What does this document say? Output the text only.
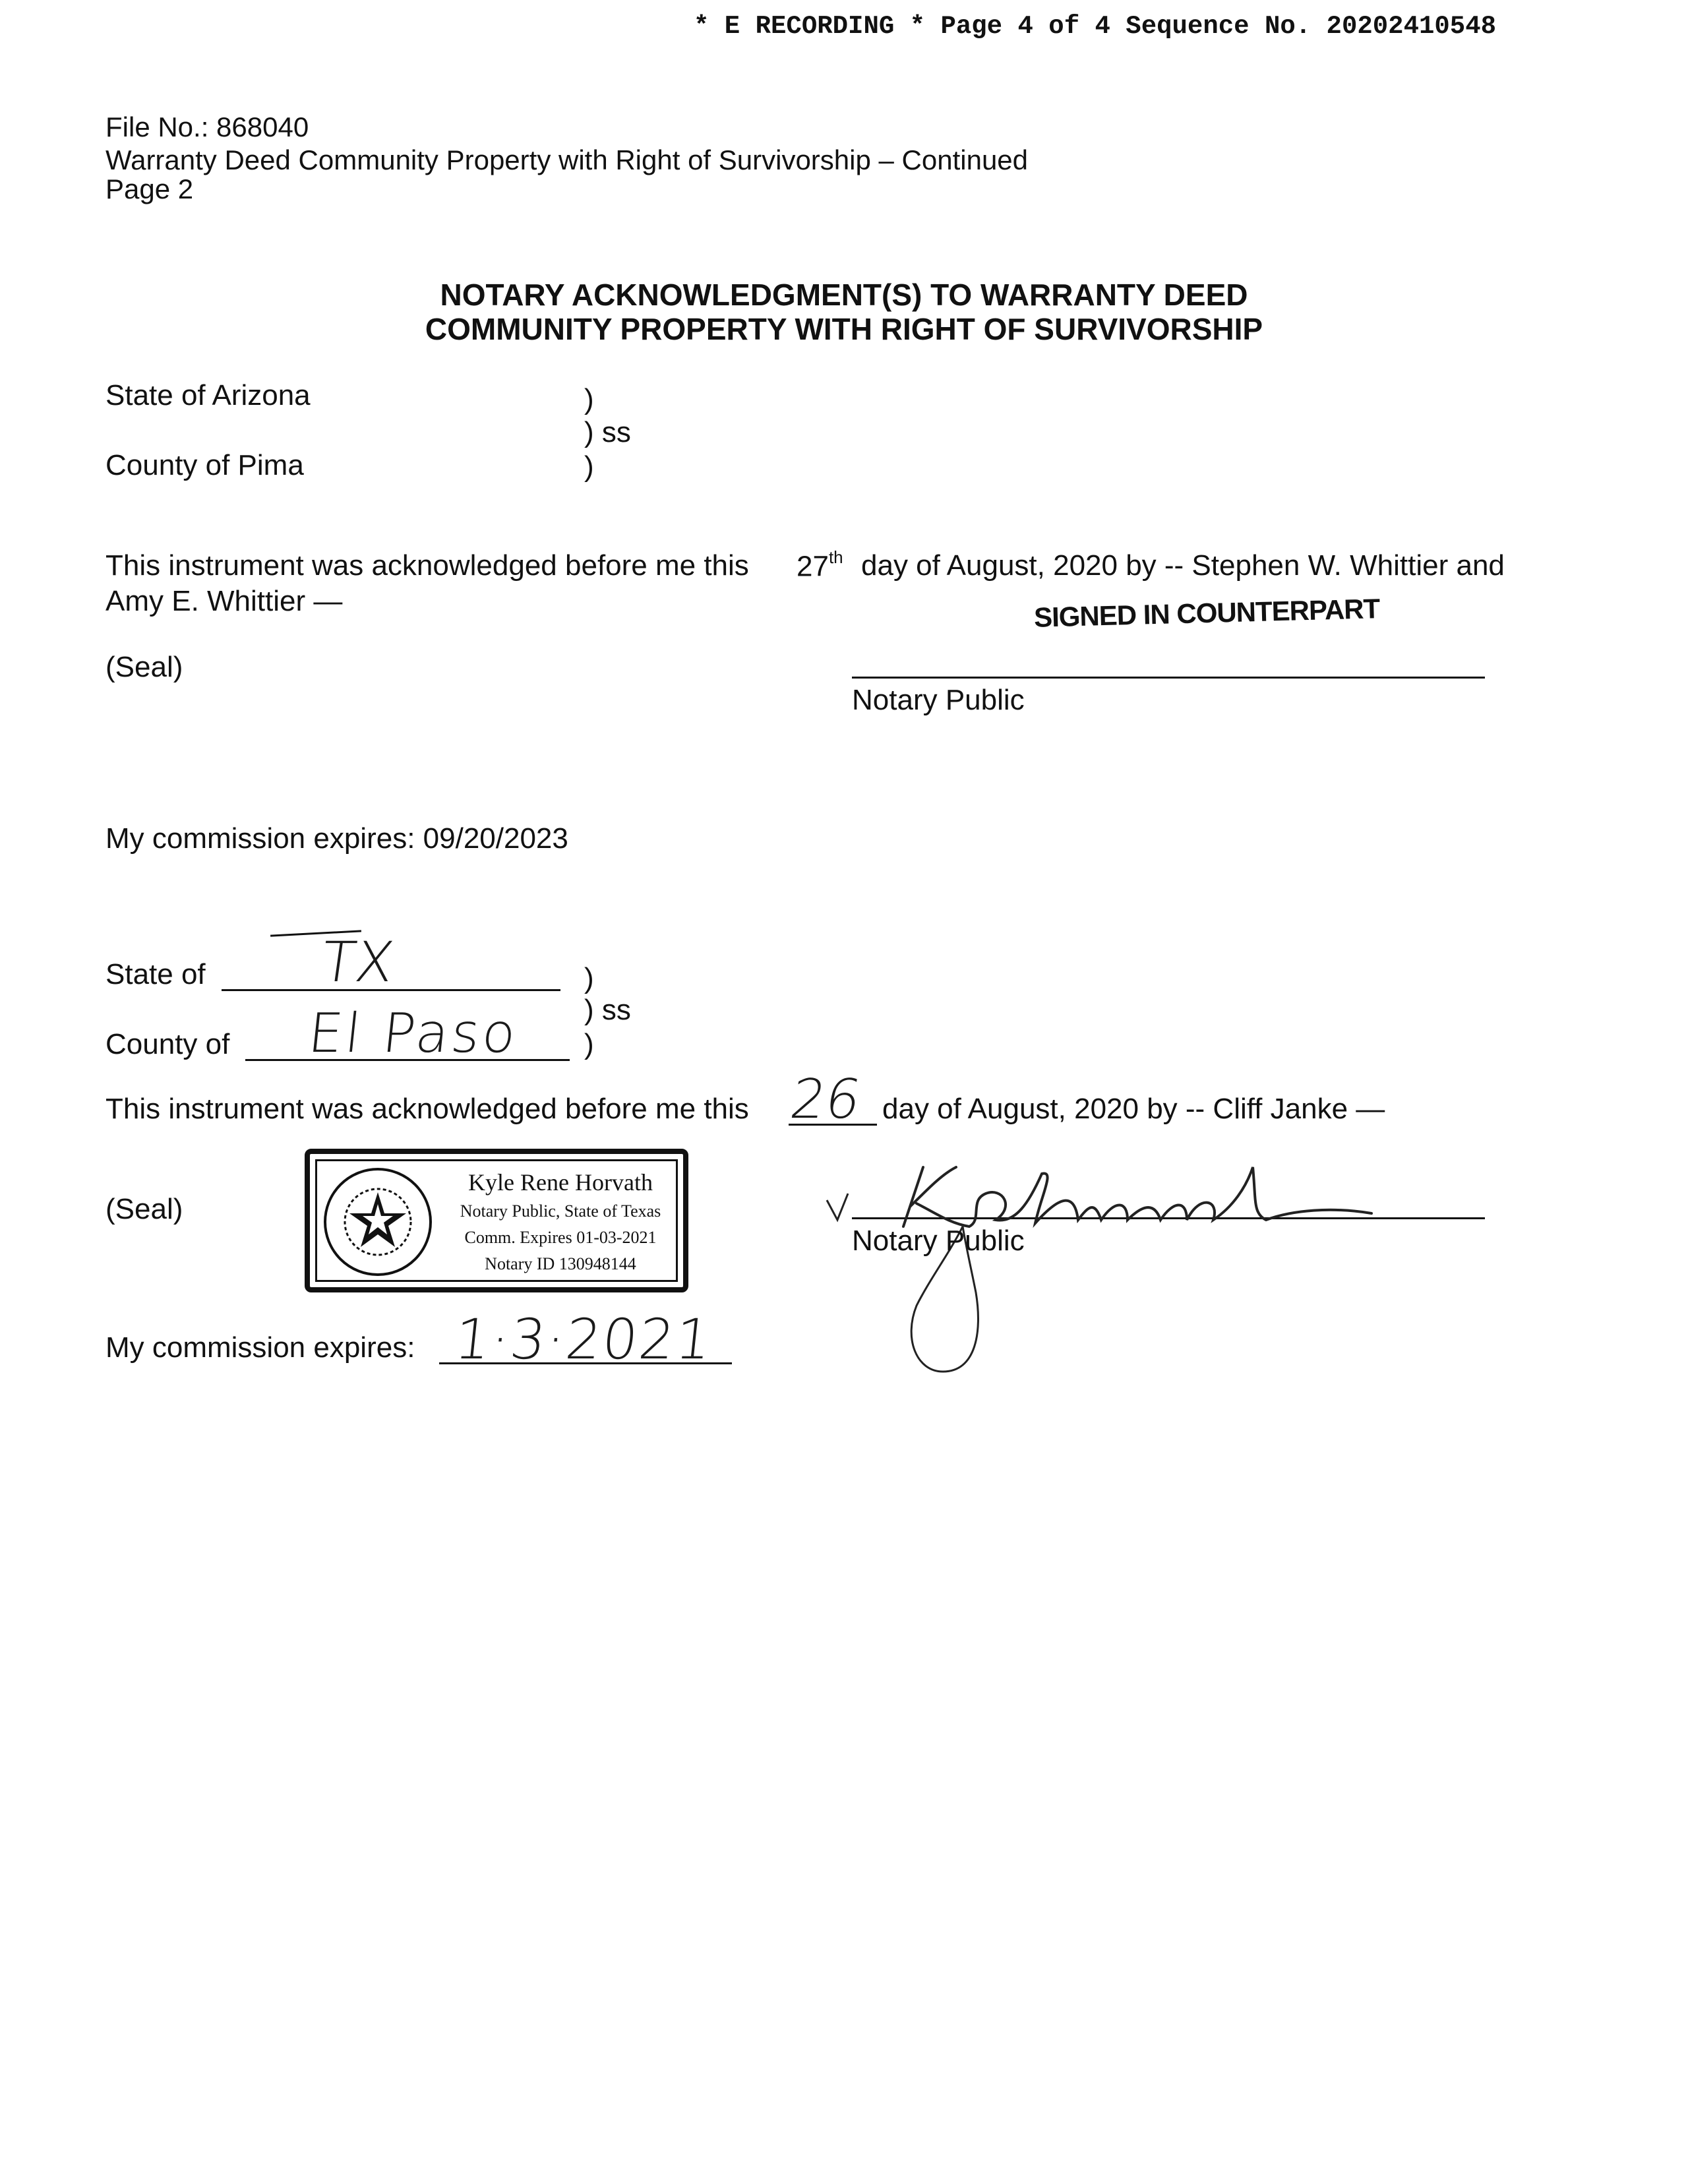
* E RECORDING * Page 4 of 4 Sequence No. 20202410548
File No.: 868040
Warranty Deed Community Property with Right of Survivorship – Continued
Page 2
NOTARY ACKNOWLEDGMENT(S) TO WARRANTY DEED
COMMUNITY PROPERTY WITH RIGHT OF SURVIVORSHIP
State of Arizona	)
) ss
County of Pima	)
This instrument was acknowledged before me this 27th day of August, 2020 by -- Stephen W. Whittier and
Amy E. Whittier —	SIGNED IN COUNTERPART
(Seal)
Notary Public
My commission expires: 09/20/2023
State of TX	)
) ss
County of El Paso )
This instrument was acknowledged before me this 26 day of August, 2020 by -- Cliff Janke —
(Seal)
Kyle Rene Horvath
Notary Public, State of Texas
Comm. Expires 01-03-2021
Notary ID 130948144
Notary Public
My commission expires: 1·3·2021
